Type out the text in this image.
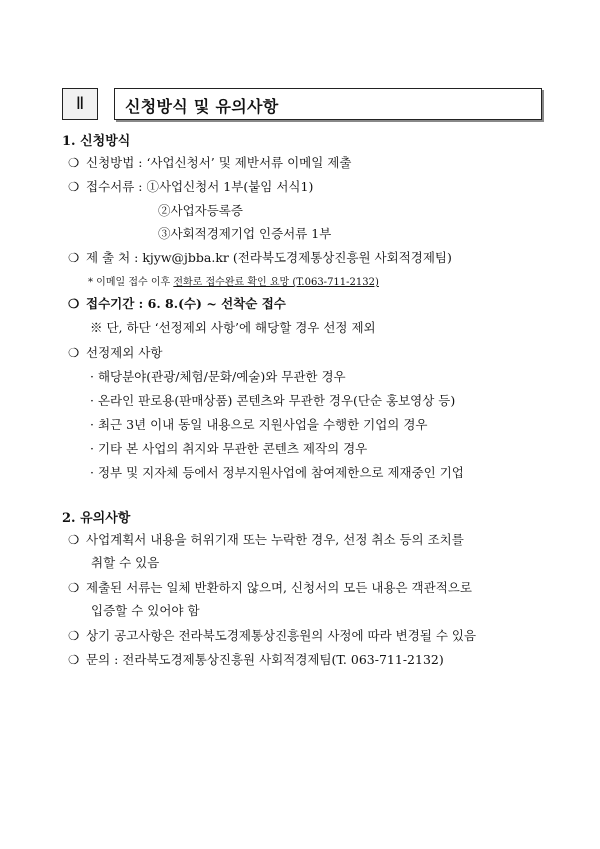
Ⅱ	신청방식 및 유의사항
1. 신청방식
❍ 신청방법 : ‘사업신청서’ 및 제반서류 이메일 제출
❍ 접수서류 : ①사업신청서 1부(붙임 서식1)
②사업자등록증
③사회적경제기업 인증서류 1부
❍ 제 출 처 : kjyw@jbba.kr (전라북도경제통상진흥원 사회적경제팀)
* 이메일 접수 이후 전화로 접수완료 확인 요망 (T.063-711-2132)
❍ 접수기간 : 6. 8.(수) ~ 선착순 접수
※ 단, 하단 ‘선정제외 사항’에 해당할 경우 선정 제외
❍ 선정제외 사항
· 해당분야(관광/체험/문화/예술)와 무관한 경우
· 온라인 판로용(판매상품) 콘텐츠와 무관한 경우(단순 홍보영상 등)
· 최근 3년 이내 동일 내용으로 지원사업을 수행한 기업의 경우
· 기타 본 사업의 취지와 무관한 콘텐츠 제작의 경우
· 정부 및 지자체 등에서 정부지원사업에 참여제한으로 제재중인 기업
2. 유의사항
❍ 사업계획서 내용을 허위기재 또는 누락한 경우, 선정 취소 등의 조치를
취할 수 있음
❍ 제출된 서류는 일체 반환하지 않으며, 신청서의 모든 내용은 객관적으로
입증할 수 있어야 함
❍ 상기 공고사항은 전라북도경제통상진흥원의 사정에 따라 변경될 수 있음
❍ 문의 : 전라북도경제통상진흥원 사회적경제팀(T. 063-711-2132)
